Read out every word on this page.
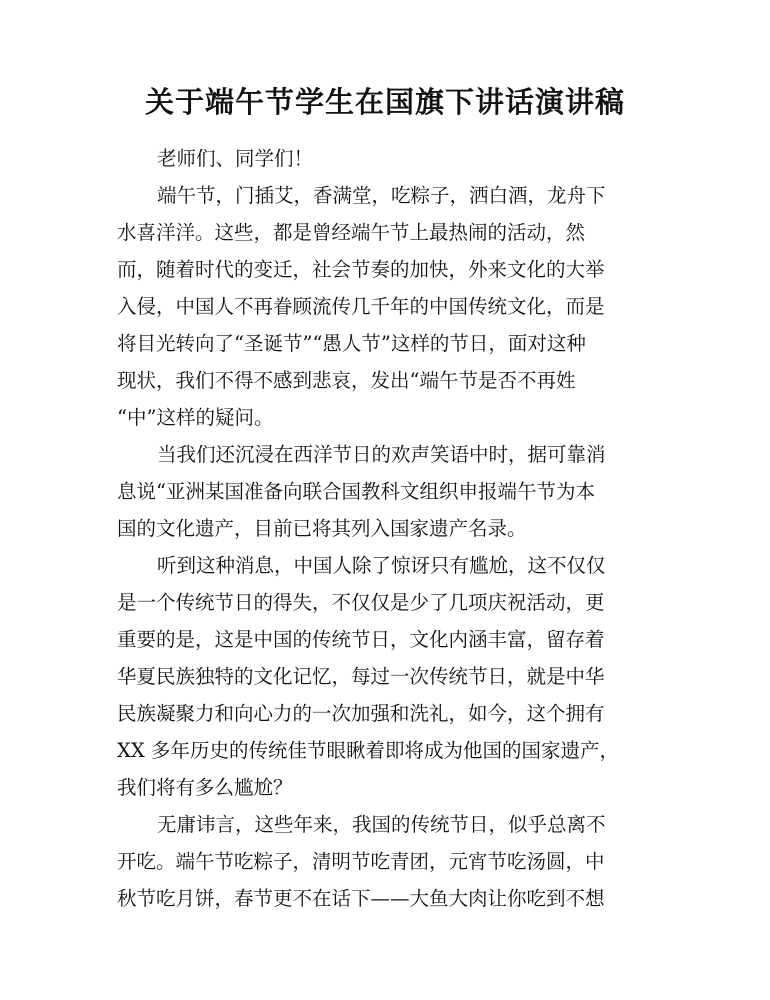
关于端午节学生在国旗下讲话演讲稿
老师们、同学们！
端午节，门插艾，香满堂，吃粽子，洒白酒，龙舟下
水喜洋洋。这些，都是曾经端午节上最热闹的活动，然
而，随着时代的变迁，社会节奏的加快，外来文化的大举
入侵，中国人不再眷顾流传几千年的中国传统文化，而是
将目光转向了“圣诞节”“愚人节”这样的节日，面对这种
现状，我们不得不感到悲哀，发出“端午节是否不再姓
“中”这样的疑问。
当我们还沉浸在西洋节日的欢声笑语中时，据可靠消
息说“亚洲某国准备向联合国教科文组织申报端午节为本
国的文化遗产，目前已将其列入国家遗产名录。
听到这种消息，中国人除了惊讶只有尴尬，这不仅仅
是一个传统节日的得失，不仅仅是少了几项庆祝活动，更
重要的是，这是中国的传统节日，文化内涵丰富，留存着
华夏民族独特的文化记忆，每过一次传统节日，就是中华
民族凝聚力和向心力的一次加强和洗礼，如今，这个拥有
XX 多年历史的传统佳节眼瞅着即将成为他国的国家遗产，
我们将有多么尴尬？
无庸讳言，这些年来，我国的传统节日，似乎总离不
开吃。端午节吃粽子，清明节吃青团，元宵节吃汤圆，中
秋节吃月饼，春节更不在话下——大鱼大肉让你吃到不想
